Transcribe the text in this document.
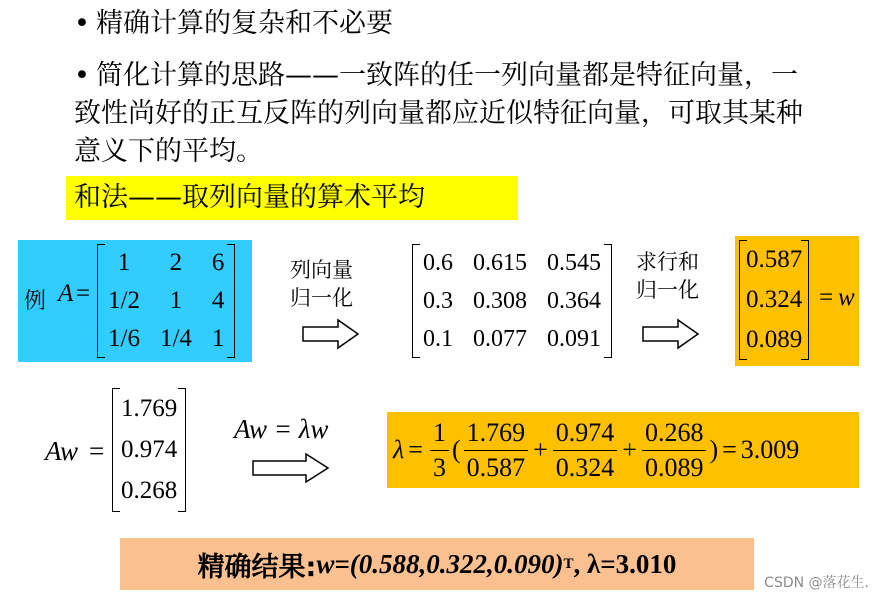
• 精确计算的复杂和不必要
• 简化计算的思路——一致阵的任一列向量都是特征向量，一
致性尚好的正互反阵的列向量都应近似特征向量，可取其某种
意义下的平均。
和法——取列向量的算术平均
例 A =
1	2	6
1/2	1	4
1/6	1/4	1
列向量
归一化
0.6	0.615	0.545
0.3	0.308	0.364
0.1	0.077	0.091
求行和
归一化
0.587
0.324
0.089
= w
Aw =
1.769
0.974
0.268
Aw = λw
$\lambda = \frac{1}{3}$ ( $\frac{1.769}{0.587} + \frac{0.974}{0.324} + \frac{0.268}{0.089}$ ) = 3.009
精确结果: w=(0.588,0.322,0.090) T , λ=3.010
CSDN @落花生.
